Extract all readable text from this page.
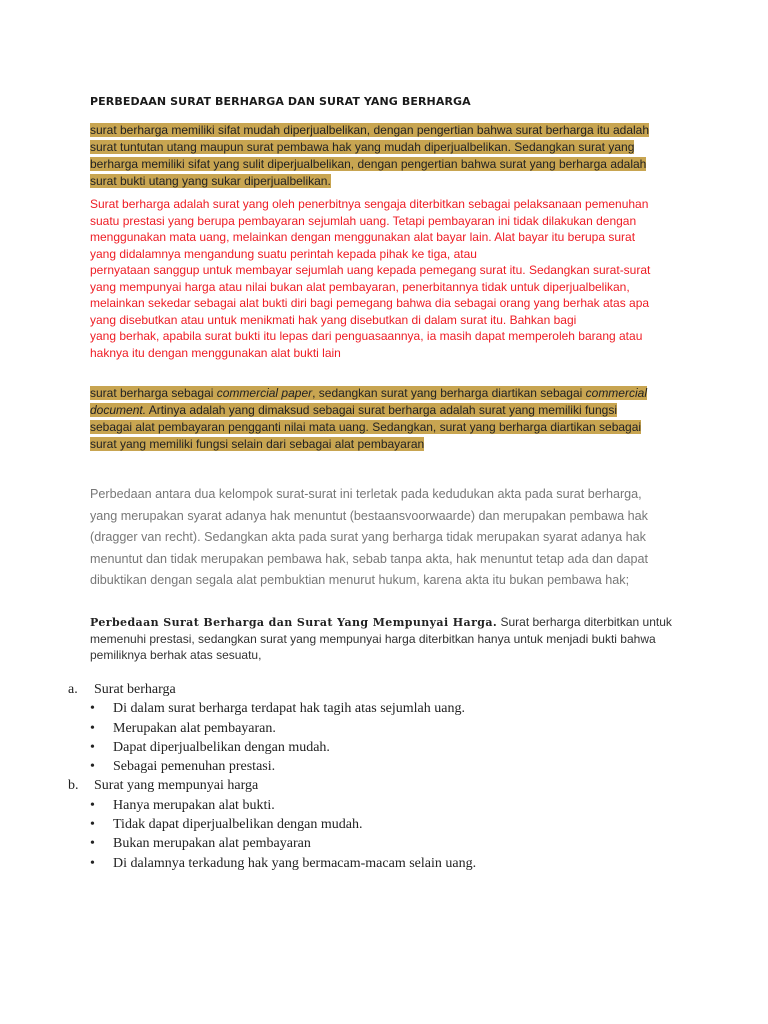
PERBEDAAN SURAT BERHARGA DAN SURAT YANG BERHARGA
surat berharga memiliki sifat mudah diperjualbelikan, dengan pengertian bahwa surat berharga itu adalah
surat tuntutan utang maupun surat pembawa hak yang mudah diperjualbelikan. Sedangkan surat yang
berharga memiliki sifat yang sulit diperjualbelikan, dengan pengertian bahwa surat yang berharga adalah
surat bukti utang yang sukar diperjualbelikan.
Surat berharga adalah surat yang oleh penerbitnya sengaja diterbitkan sebagai pelaksanaan pemenuhan
suatu prestasi yang berupa pembayaran sejumlah uang. Tetapi pembayaran ini tidak dilakukan dengan
menggunakan mata uang, melainkan dengan menggunakan alat bayar lain. Alat bayar itu berupa surat
yang didalamnya mengandung suatu perintah kepada pihak ke tiga, atau
pernyataan sanggup untuk membayar sejumlah uang kepada pemegang surat itu. Sedangkan surat-surat
yang mempunyai harga atau nilai bukan alat pembayaran, penerbitannya tidak untuk diperjualbelikan,
melainkan sekedar sebagai alat bukti diri bagi pemegang bahwa dia sebagai orang yang berhak atas apa
yang disebutkan atau untuk menikmati hak yang disebutkan di dalam surat itu. Bahkan bagi
yang berhak, apabila surat bukti itu lepas dari penguasaannya, ia masih dapat memperoleh barang atau
haknya itu dengan menggunakan alat bukti lain
surat berharga sebagai commercial paper, sedangkan surat yang berharga diartikan sebagai commercial
document. Artinya adalah yang dimaksud sebagai surat berharga adalah surat yang memiliki fungsi
sebagai alat pembayaran pengganti nilai mata uang. Sedangkan, surat yang berharga diartikan sebagai
surat yang memiliki fungsi selain dari sebagai alat pembayaran
Perbedaan antara dua kelompok surat-surat ini terletak pada kedudukan akta pada surat berharga,
yang merupakan syarat adanya hak menuntut (bestaansvoorwaarde) dan merupakan pembawa hak
(dragger van recht). Sedangkan akta pada surat yang berharga tidak merupakan syarat adanya hak
menuntut dan tidak merupakan pembawa hak, sebab tanpa akta, hak menuntut tetap ada dan dapat
dibuktikan dengan segala alat pembuktian menurut hukum, karena akta itu bukan pembawa hak;
Perbedaan Surat Berharga dan Surat Yang Mempunyai Harga. Surat berharga diterbitkan untuk
memenuhi prestasi, sedangkan surat yang mempunyai harga diterbitkan hanya untuk menjadi bukti bahwa
pemiliknya berhak atas sesuatu,
a. Surat berharga
• Di dalam surat berharga terdapat hak tagih atas sejumlah uang.
• Merupakan alat pembayaran.
• Dapat diperjualbelikan dengan mudah.
• Sebagai pemenuhan prestasi.
b. Surat yang mempunyai harga
• Hanya merupakan alat bukti.
• Tidak dapat diperjualbelikan dengan mudah.
• Bukan merupakan alat pembayaran
• Di dalamnya terkadung hak yang bermacam-macam selain uang.
